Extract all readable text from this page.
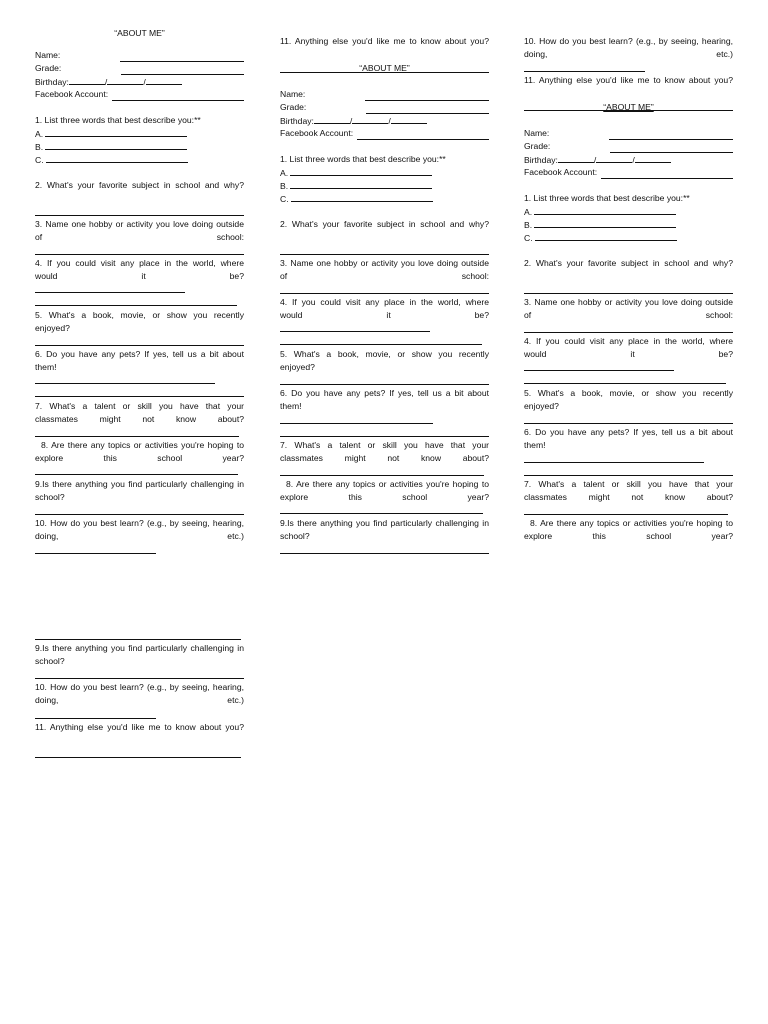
“ABOUT ME”
Name:
Grade:
Birthday:	/	/
Facebook Account:
1. List three words that best describe you:**
A.
B.
C.
2. What's your favorite subject in school and why?
3. Name one hobby or activity you love doing outside of school:
4. If you could visit any place in the world, where would it be?
5. What's a book, movie, or show you recently enjoyed?
6. Do you have any pets? If yes, tell us a bit about them!
7. What's a talent or skill you have that your classmates might not know about?
8. Are there any topics or activities you're hoping to explore this school year?
9.Is there anything you find particularly challenging in school?
10. How do you best learn? (e.g., by seeing, hearing, doing, etc.)
9.Is there anything you find particularly challenging in school?
10. How do you best learn? (e.g., by seeing, hearing, doing, etc.)
11. Anything else you'd like me to know about you?
11. Anything else you'd like me to know about you?
“ABOUT ME”
Name:
Grade:
Birthday:	/	/
Facebook Account:
1. List three words that best describe you:**
A.
B.
C.
2. What's your favorite subject in school and why?
3. Name one hobby or activity you love doing outside of school:
4. If you could visit any place in the world, where would it be?
5. What's a book, movie, or show you recently enjoyed?
6. Do you have any pets? If yes, tell us a bit about them!
7. What's a talent or skill you have that your classmates might not know about?
8. Are there any topics or activities you're hoping to explore this school year?
9.Is there anything you find particularly challenging in school?
10. How do you best learn? (e.g., by seeing, hearing, doing, etc.)
11. Anything else you'd like me to know about you?
“ABOUT ME”
Name:
Grade:
Birthday:	/	/
Facebook Account:
1. List three words that best describe you:**
A.
B.
C.
2. What's your favorite subject in school and why?
3. Name one hobby or activity you love doing outside of school:
4. If you could visit any place in the world, where would it be?
5. What's a book, movie, or show you recently enjoyed?
6. Do you have any pets? If yes, tell us a bit about them!
7. What's a talent or skill you have that your classmates might not know about?
8. Are there any topics or activities you're hoping to explore this school year?
